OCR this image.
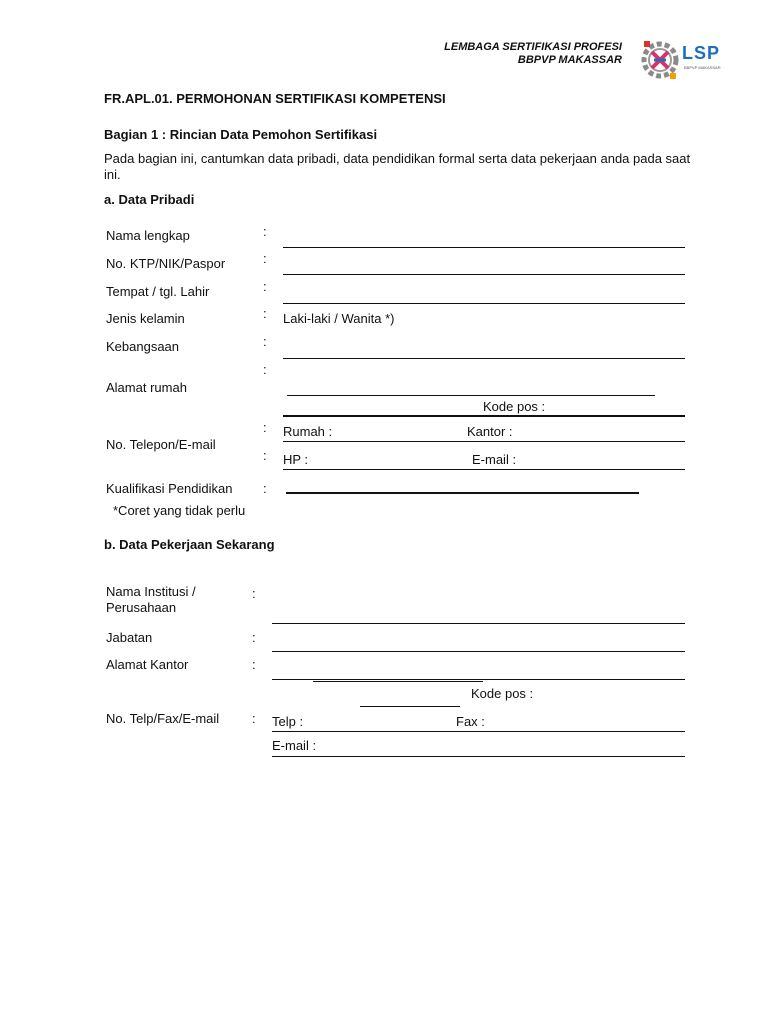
LEMBAGA SERTIFIKASI PROFESI
BBPVP MAKASSAR	LSP
BBPVP MAKASSAR
FR.APL.01. PERMOHONAN SERTIFIKASI KOMPETENSI
Bagian 1 : Rincian Data Pemohon Sertifikasi
Pada bagian ini, cantumkan data pribadi, data pendidikan formal serta data pekerjaan anda pada saat
ini.
a. Data Pribadi
Nama lengkap	:
No. KTP/NIK/Paspor	:
Tempat / tgl. Lahir	:
Jenis kelamin	: Laki-laki / Wanita *)
Kebangsaan	:
Alamat rumah
:
Kode pos :
No. Telepon/E-mail
: Rumah :	Kantor :
: HP :	E-mail :
Kualifikasi Pendidikan :
*Coret yang tidak perlu
b. Data Pekerjaan Sekarang
Nama Institusi /
Perusahaan
:
Jabatan	:
Alamat Kantor	:
Kode pos :
No. Telp/Fax/E-mail	: Telp :	Fax :
E-mail :
